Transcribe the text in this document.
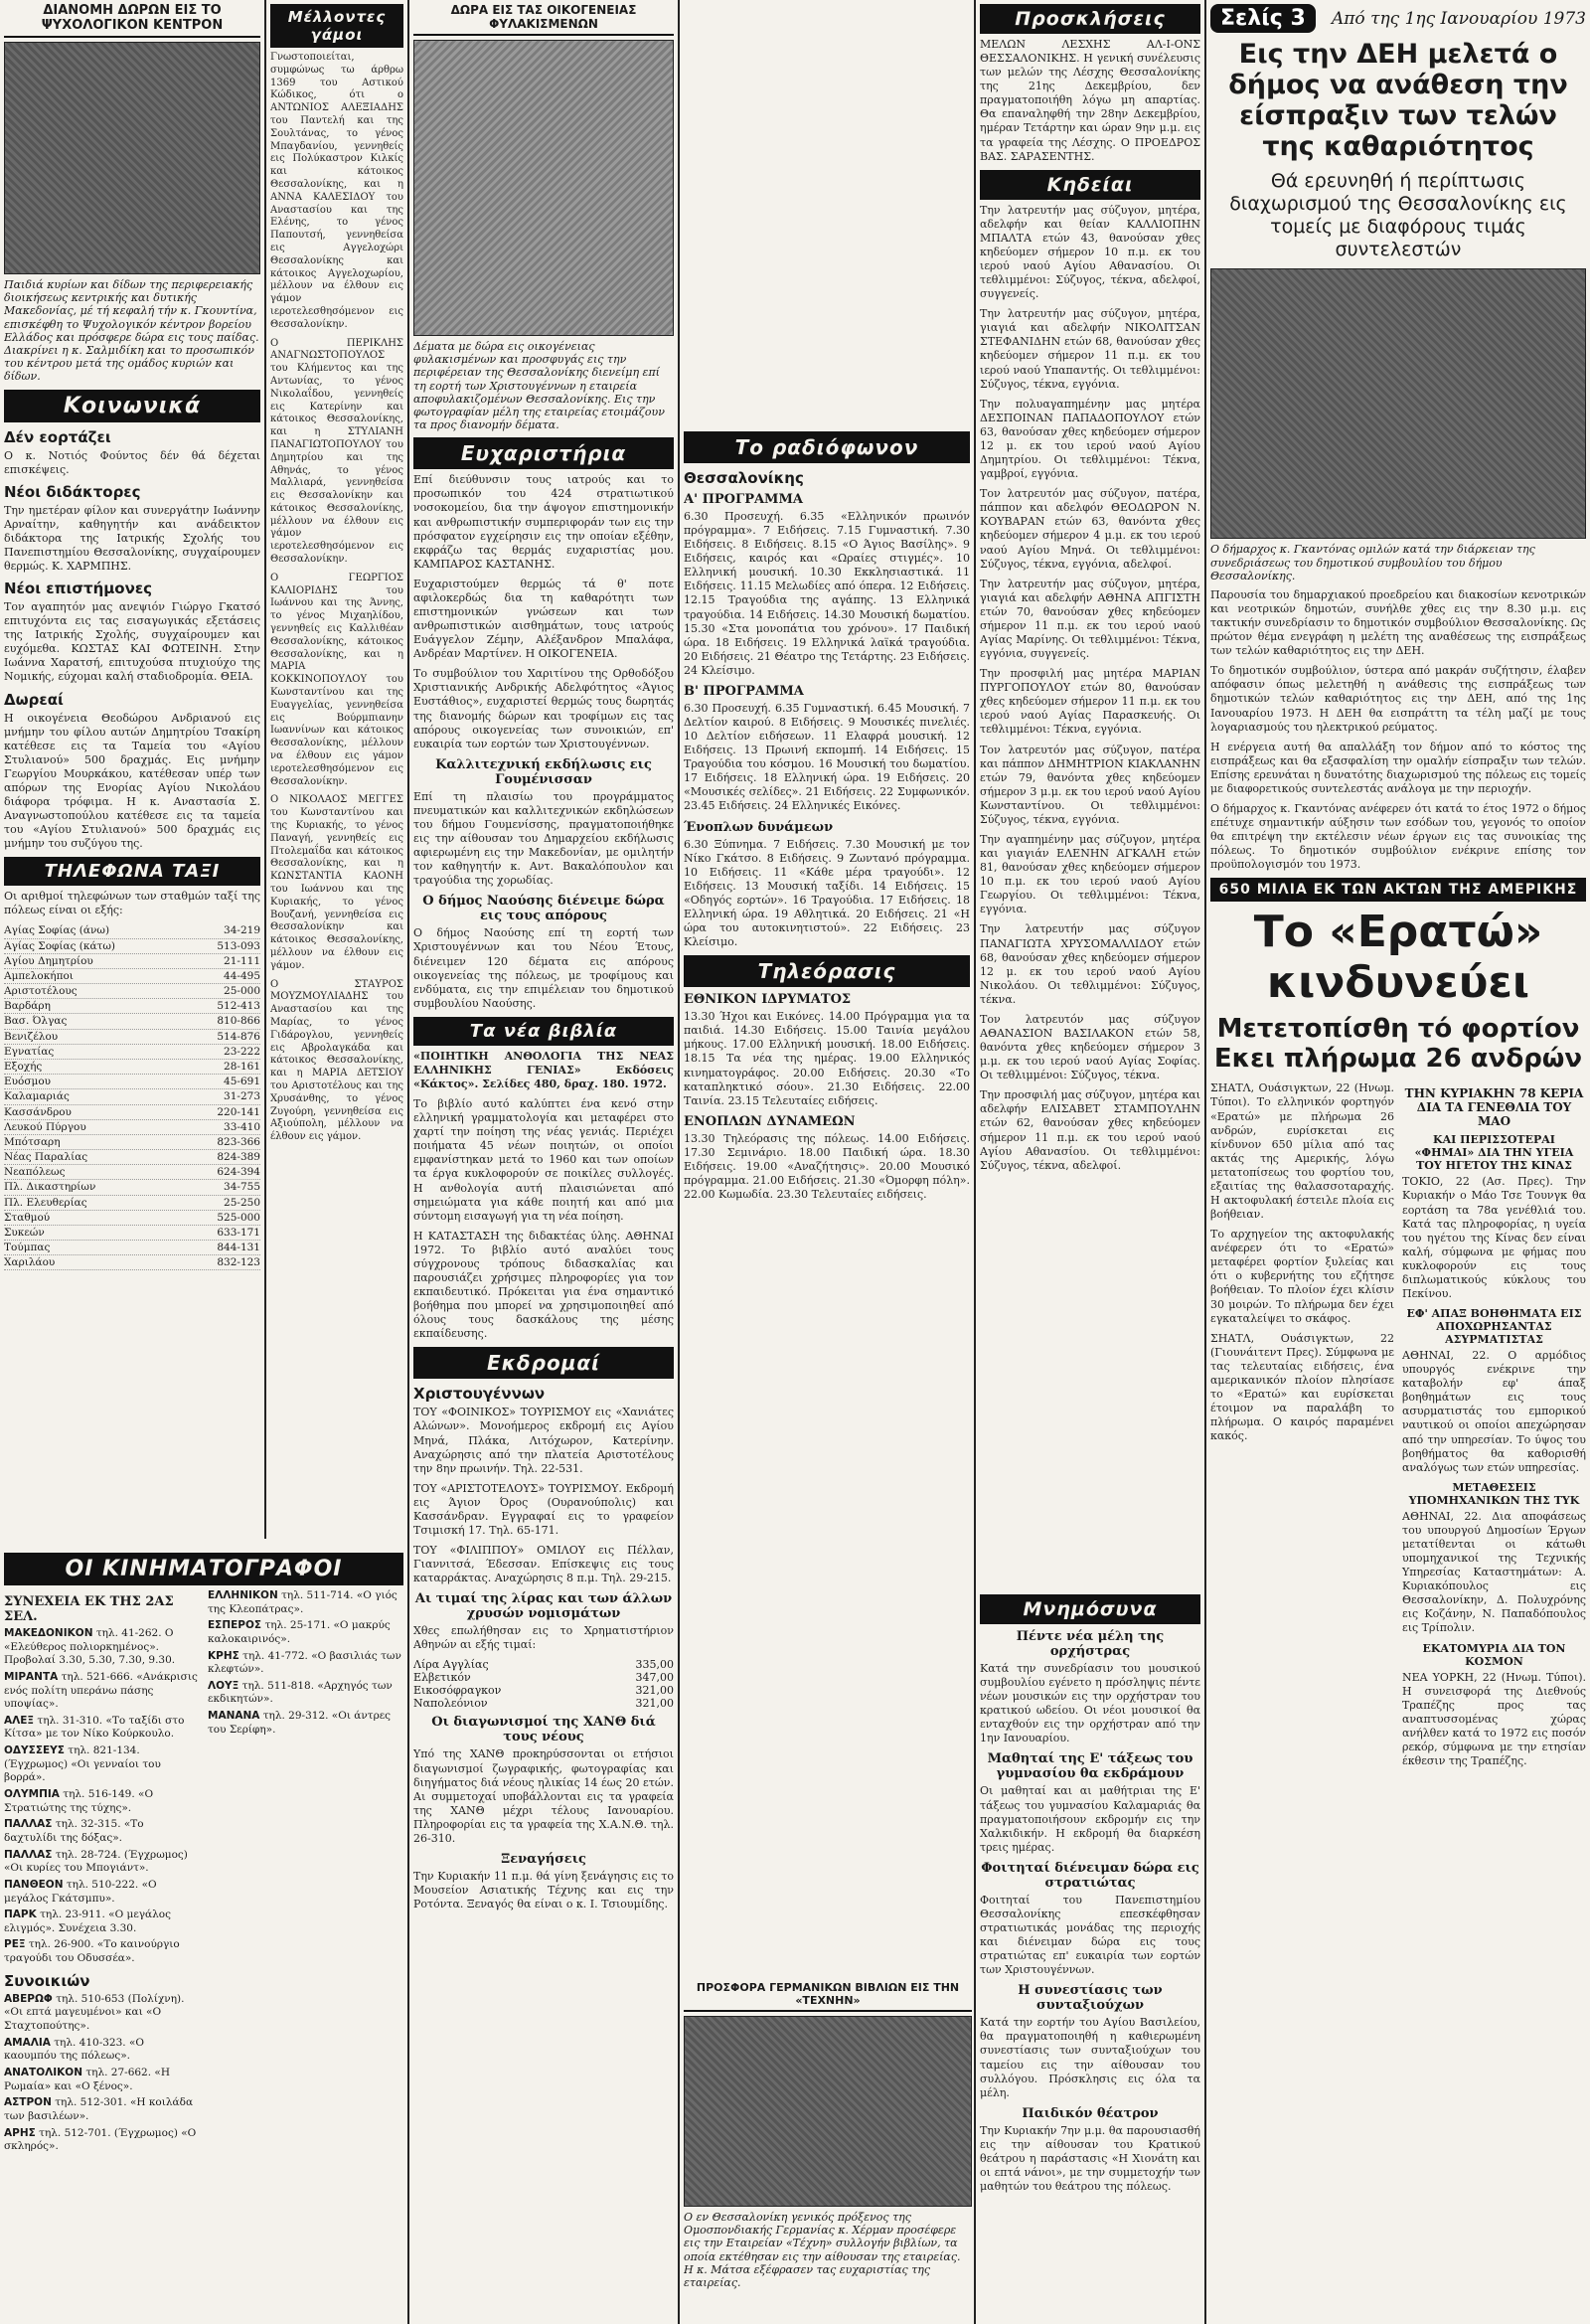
ΔΙΑΝΟΜΗ ΔΩΡΩΝ ΕΙΣ ΤΟ ΨΥΧΟΛΟΓΙΚΟΝ ΚΕΝΤΡΟΝ
Παιδιά κυρίων και δίδων της περιφερειακής διοικήσεως κεντρικής και δυτικής Μακεδονίας, μέ τή κεφαλή τήν κ. Γκουντίνα, επισκέφθη το Ψυχολογικόν κέντρον βορείου Ελλάδος και πρόσφερε δώρα εις τους παίδας. Διακρίνει η κ. Σαλμιδίκη και το προσωπικόν του κέντρου μετά της ομάδος κυριών και δίδων.
Κοινωνικά
Δέν εορτάζει

Ο κ. Νοτιός Φούντος δέν θά δέχεται επισκέψεις.

Νέοι διδάκτορες

Την ημετέραν φίλον και συνεργάτην Ιωάννην Αρναίτην, καθηγητήν και ανάδεικτον διδάκτορα της Ιατρικής Σχολής του Πανεπιστημίου Θεσσαλονίκης, συγχαίρουμεν θερμώς. Κ. ΧΑΡΜΠΗΣ.

Νέοι επιστήμονες

Τον αγαπητόν μας ανεψιόν Γιώργο Γκατσό επιτυχόντα εις τας εισαγωγικάς εξετάσεις της Ιατρικής Σχολής, συγχαίρουμεν και ευχόμεθα. ΚΩΣΤΑΣ ΚΑΙ ΦΩΤΕΙΝΗ. Στην Ιωάννα Χαρατσή, επιτυχούσα πτυχιούχο της Νομικής, εύχομαι καλή σταδιοδρομία. ΘΕΙΑ.

Δωρεαί

Η οικογένεια Θεοδώρου Ανδριανού εις μνήμην του φίλου αυτών Δημητρίου Τσακίρη κατέθεσε εις τα Ταμεία του «Αγίου Στυλιανού» 500 δραχμάς. Εις μνήμην Γεωργίου Μουρκάκου, κατέθεσαν υπέρ των απόρων της Ενορίας Αγίου Νικολάου διάφορα τρόφιμα. Η κ. Αναστασία Σ. Αναγνωστοπούλου κατέθεσε εις τα ταμεία του «Αγίου Στυλιανού» 500 δραχμάς εις μνήμην του συζύγου της.

ΤΗΛΕΦΩΝΑ ΤΑΞΙ

Οι αριθμοί τηλεφώνων των σταθμών ταξί της πόλεως είναι οι εξής:

Αγίας Σοφίας (άνω)	34-219
Αγίας Σοφίας (κάτω)	513-093
Αγίου Δημητρίου	21-111
Αμπελοκήποι	44-495
Αριστοτέλους	25-000
Βαρδάρη	512-413
Βασ. Όλγας	810-866
Βενιζέλου	514-876
Εγνατίας	23-222
Εξοχής	28-161
Ευόσμου	45-691
Καλαμαριάς	31-273
Κασσάνδρου	220-141
Λευκού Πύργου	33-410
Μπότσαρη	823-366
Νέας Παραλίας	824-389
Νεαπόλεως	624-394
Πλ. Δικαστηρίων	34-755
Πλ. Ελευθερίας	25-250
Σταθμού	525-000
Συκεών	633-171
Τούμπας	844-131
Χαριλάου	832-123
ΟΙ ΚΙΝΗΜΑΤΟΓΡΑΦΟΙ
ΣΥΝΕΧΕΙΑ ΕΚ ΤΗΣ 2ΑΣ ΣΕΛ.
ΜΑΚΕΔΟΝΙΚΟΝ τηλ. 41-262. Ο «Ελεύθερος πολιορκημένος». Προβολαί 3.30, 5.30, 7.30, 9.30.
ΜΙΡΑΝΤΑ τηλ. 521-666. «Ανάκρισις ενός πολίτη υπεράνω πάσης υποψίας».
ΑΛΕΞ τηλ. 31-310. «Το ταξίδι στο Κίτσα» με τον Νίκο Κούρκουλο.
ΟΔΥΣΣΕΥΣ τηλ. 821-134. (Έγχρωμος) «Οι γενναίοι του βορρά».
ΟΛΥΜΠΙΑ τηλ. 516-149. «Ο Στρατιώτης της τύχης».
ΠΑΛΛΑΣ τηλ. 32-315. «Το δαχτυλίδι της δόξας».
ΠΑΛΛΑΣ τηλ. 28-724. (Έγχρωμος) «Οι κυρίες του Μπογιάντ».
ΠΑΝΘΕΟΝ τηλ. 510-222. «Ο μεγάλος Γκάτσμπυ».
ΠΑΡΚ τηλ. 23-911. «Ο μεγάλος ελιγμός». Συνέχεια 3.30.
ΡΕΞ τηλ. 26-900. «Το καινούργιο τραγούδι του Οδυσσέα».
Συνοικιών
ΑΒΕΡΩΦ τηλ. 510-653 (Πολίχνη). «Οι επτά μαγευμένοι» και «Ο Σταχτοπούτης».
ΑΜΑΛΙΑ τηλ. 410-323. «Ο καουμπόυ της πόλεως».
ΑΝΑΤΟΛΙΚΟΝ τηλ. 27-662. «Η Ρωμαία» και «Ο ξένος».
ΑΣΤΡΟΝ τηλ. 512-301. «Η κοιλάδα των βασιλέων».
ΑΡΗΣ τηλ. 512-701. (Έγχρωμος) «Ο σκληρός».
ΕΛΛΗΝΙΚΟΝ τηλ. 511-714. «Ο γιός της Κλεοπάτρας».
ΕΣΠΕΡΟΣ τηλ. 25-171. «Ο μακρύς καλοκαιρινός».
ΚΡΗΣ τηλ. 41-772. «Ο βασιλιάς των κλεφτών».
ΛΟΥΞ τηλ. 511-818. «Αρχηγός των εκδικητών».
ΜΑΝΑΝΑ τηλ. 29-312. «Οι άντρες του Σερίφη».
Μέλλοντες γάμοι

Γνωστοποιείται, συμφώνως τω άρθρω 1369 του Αστικού Κώδικος, ότι ο ΑΝΤΩΝΙΟΣ ΑΛΕΞΙΑΔΗΣ του Παντελή και της Σουλτάνας, το γένος Μπαγδανίου, γεννηθείς εις Πολύκαστρον Κιλκίς και κάτοικος Θεσσαλονίκης, και η ΑΝΝΑ ΚΑΛΕΣΙΔΟΥ του Αναστασίου και της Ελένης, το γένος Παπουτσή, γεννηθείσα εις Αγγελοχώρι Θεσσαλονίκης και κάτοικος Αγγελοχωρίου, μέλλουν να έλθουν εις γάμον ιεροτελεσθησόμενον εις Θεσσαλονίκην.

Ο ΠΕΡΙΚΛΗΣ ΑΝΑΓΝΩΣΤΟΠΟΥΛΟΣ του Κλήμεντος και της Αντωνίας, το γένος Νικολαΐδου, γεννηθείς εις Κατερίνην και κάτοικος Θεσσαλονίκης, και η ΣΤΥΛΙΑΝΗ ΠΑΝΑΓΙΩΤΟΠΟΥΛΟΥ του Δημητρίου και της Αθηνάς, το γένος Μαλλιαρά, γεννηθείσα εις Θεσσαλονίκην και κάτοικος Θεσσαλονίκης, μέλλουν να έλθουν εις γάμον ιεροτελεσθησόμενον εις Θεσσαλονίκην.

Ο ΓΕΩΡΓΙΟΣ ΚΑΛΙΟΡΙΔΗΣ του Ιωάννου και της Άννης, το γένος Μιχαηλίδου, γεννηθείς εις Καλλιθέαν Θεσσαλονίκης, κάτοικος Θεσσαλονίκης, και η ΜΑΡΙΑ ΚΟΚΚΙΝΟΠΟΥΛΟΥ του Κωνσταντίνου και της Ευαγγελίας, γεννηθείσα εις Βούρμπιανην Ιωαννίνων και κάτοικος Θεσσαλονίκης, μέλλουν να έλθουν εις γάμον ιεροτελεσθησόμενον εις Θεσσαλονίκην.

Ο ΝΙΚΟΛΑΟΣ ΜΕΓΓΕΣ του Κωνσταντίνου και της Κυριακής, το γένος Παναγή, γεννηθείς εις Πτολεμαΐδα και κάτοικος Θεσσαλονίκης, και η ΚΩΝΣΤΑΝΤΙΑ ΚΑΟΝΗ του Ιωάννου και της Κυριακής, το γένος Βουζανή, γεννηθείσα εις Θεσσαλονίκην και κάτοικος Θεσσαλονίκης, μέλλουν να έλθουν εις γάμον.

Ο ΣΤΑΥΡΟΣ ΜΟΥΖΜΟΥΛΙΑΔΗΣ του Αναστασίου και της Μαρίας, το γένος Γιδάρογλου, γεννηθείς εις Αβρολαγκάδα και κάτοικος Θεσσαλονίκης, και η ΜΑΡΙΑ ΔΕΤΣΙΟΥ του Αριστοτέλους και της Χρυσάνθης, το γένος Ζυγούρη, γεννηθείσα εις Αξιούπολη, μέλλουν να έλθουν εις γάμον.

ΔΩΡΑ ΕΙΣ ΤΑΣ ΟΙΚΟΓΕΝΕΙΑΣ ΦΥΛΑΚΙΣΜΕΝΩΝ
Δέματα με δώρα εις οικογένειας φυλακισμένων και προσφυγάς εις την περιφέρειαν της Θεσσαλονίκης διενείμη επί τη εορτή των Χριστουγέννων η εταιρεία αποφυλακιζομένων Θεσσαλονίκης. Εις την φωτογραφίαν μέλη της εταιρείας ετοιμάζουν τα προς διανομήν δέματα.
Ευχαριστήρια

Επί διεύθυνσιν τους ιατρούς και το προσωπικόν του 424 στρατιωτικού νοσοκομείου, δια την άψογον επιστημονικήν και ανθρωπιστικήν συμπεριφοράν των εις την πρόσφατον εγχείρησιν εις την οποίαν εξέθην, εκφράζω τας θερμάς ευχαριστίας μου. ΚΑΜΠΑΡΟΣ ΚΑΣΤΑΝΗΣ.

Ευχαριστούμεν θερμώς τά θ' ποτε αφιλοκερδώς δια τη καθαρότητι των επιστημονικών γνώσεων και των ανθρωπιστικών αισθημάτων, τους ιατρούς Ευάγγελον Ζέμην, Αλέξανδρον Μπαλάφα, Ανδρέαν Μαρτίνεν. Η ΟΙΚΟΓΕΝΕΙΑ.

Το συμβούλιον του Χαριτίνου της Ορθοδόξου Χριστιανικής Ανδρικής Αδελφότητος «Άγιος Ευστάθιος», ευχαριστεί θερμώς τους δωρητάς της διανομής δώρων και τροφίμων εις τας απόρους οικογενείας των συνοικιών, επ' ευκαιρία των εορτών των Χριστουγέννων.

Καλλιτεχνική εκδήλωσις εις Γουμένισσαν

Επί τη πλαισίω του προγράμματος πνευματικών και καλλιτεχνικών εκδηλώσεων του δήμου Γουμενίσσης, πραγματοποιήθηκε εις την αίθουσαν του Δημαρχείου εκδήλωσις αφιερωμένη εις την Μακεδονίαν, με ομιλητήν τον καθηγητήν κ. Αντ. Βακαλόπουλον και τραγούδια της χορωδίας.

Ο δήμος Ναούσης διένειμε δώρα εις τους απόρους

Ο δήμος Ναούσης επί τη εορτή των Χριστουγέννων και του Νέου Έτους, διένειμεν 120 δέματα εις απόρους οικογενείας της πόλεως, με τροφίμους και ενδύματα, εις την επιμέλειαν του δημοτικού συμβουλίου Ναούσης.

Τα νέα βιβλία

«ΠΟΙΗΤΙΚΗ ΑΝΘΟΛΟΓΙΑ ΤΗΣ ΝΕΑΣ ΕΛΛΗΝΙΚΗΣ ΓΕΝΙΑΣ» Εκδόσεις «Κάκτος». Σελίδες 480, δραχ. 180. 1972.

Το βιβλίο αυτό καλύπτει ένα κενό στην ελληνική γραμματολογία και μεταφέρει στο χαρτί την ποίηση της νέας γενιάς. Περιέχει ποιήματα 45 νέων ποιητών, οι οποίοι εμφανίστηκαν μετά το 1960 και των οποίων τα έργα κυκλοφορούν σε ποικίλες συλλογές. Η ανθολογία αυτή πλαισιώνεται από σημειώματα για κάθε ποιητή και από μια σύντομη εισαγωγή για τη νέα ποίηση.

Η ΚΑΤΑΣΤΑΣΗ της διδακτέας ύλης. ΑΘΗΝΑΙ 1972. Το βιβλίο αυτό αναλύει τους σύγχρονους τρόπους διδασκαλίας και παρουσιάζει χρήσιμες πληροφορίες για τον εκπαιδευτικό. Πρόκειται για ένα σημαντικό βοήθημα που μπορεί να χρησιμοποιηθεί από όλους τους δασκάλους της μέσης εκπαίδευσης.

Εκδρομαί
Χριστουγέννων

ΤΟΥ «ΦΟΙΝΙΚΟΣ» ΤΟΥΡΙΣΜΟΥ εις «Χανιάτες Αλώνων». Μονοήμερος εκδρομή εις Αγίου Μηνά, Πλάκα, Λιτόχωρον, Κατερίνην. Αναχώρησις από την πλατεία Αριστοτέλους την 8ην πρωινήν. Τηλ. 22-531.

ΤΟΥ «ΑΡΙΣΤΟΤΕΛΟΥΣ» ΤΟΥΡΙΣΜΟΥ. Εκδρομή εις Άγιον Όρος (Ουρανούπολις) και Κασσάνδραν. Εγγραφαί εις το γραφείον Τσιμισκή 17. Τηλ. 65-171.

ΤΟΥ «ΦΙΛΙΠΠΟΥ» ΟΜΙΛΟΥ εις Πέλλαν, Γιαννιτσά, Έδεσσαν. Επίσκεψις εις τους καταρράκτας. Αναχώρησις 8 π.μ. Τηλ. 29-215.

Αι τιμαί της λίρας και των άλλων χρυσών νομισμάτων

Χθες επωλήθησαν εις το Χρηματιστήριον Αθηνών αι εξής τιμαί:

Λίρα Αγγλίας	335,00
Ελβετικόν	347,00
Εικοσόφραγκον	321,00
Ναπολεόνιον	321,00
Οι διαγωνισμοί της ΧΑΝΘ διά τους νέους

Υπό της ΧΑΝΘ προκηρύσσονται οι ετήσιοι διαγωνισμοί ζωγραφικής, φωτογραφίας και διηγήματος διά νέους ηλικίας 14 έως 20 ετών. Αι συμμετοχαί υποβάλλονται εις τα γραφεία της ΧΑΝΘ μέχρι τέλους Ιανουαρίου. Πληροφορίαι εις τα γραφεία της Χ.Α.Ν.Θ. τηλ. 26-310.

Ξεναγήσεις

Την Κυριακήν 11 π.μ. θά γίνη ξενάγησις εις το Μουσείον Ασιατικής Τέχνης και εις την Ροτόντα. Ξεναγός θα είναι ο κ. Ι. Τσιουμίδης.

Το ραδιόφωνον
Θεσσαλονίκης
Α' ΠΡΟΓΡΑΜΜΑ

6.30 Προσευχή. 6.35 «Ελληνικόν πρωινόν πρόγραμμα». 7 Ειδήσεις. 7.15 Γυμναστική. 7.30 Ειδήσεις. 8 Ειδήσεις. 8.15 «Ο Άγιος Βασίλης». 9 Ειδήσεις, καιρός και «Ωραίες στιγμές». 10 Ελληνική μουσική. 10.30 Εκκλησιαστικά. 11 Ειδήσεις. 11.15 Μελωδίες από όπερα. 12 Ειδήσεις. 12.15 Τραγούδια της αγάπης. 13 Ελληνικά τραγούδια. 14 Ειδήσεις. 14.30 Μουσική δωματίου. 15.30 «Στα μονοπάτια του χρόνου». 17 Παιδική ώρα. 18 Ειδήσεις. 19 Ελληνικά λαϊκά τραγούδια. 20 Ειδήσεις. 21 Θέατρο της Τετάρτης. 23 Ειδήσεις. 24 Κλείσιμο.

Β' ΠΡΟΓΡΑΜΜΑ

6.30 Προσευχή. 6.35 Γυμναστική. 6.45 Μουσική. 7 Δελτίον καιρού. 8 Ειδήσεις. 9 Μουσικές πινελιές. 10 Δελτίον ειδήσεων. 11 Ελαφρά μουσική. 12 Ειδήσεις. 13 Πρωινή εκπομπή. 14 Ειδήσεις. 15 Τραγούδια του κόσμου. 16 Μουσική του δωματίου. 17 Ειδήσεις. 18 Ελληνική ώρα. 19 Ειδήσεις. 20 «Μουσικές σελίδες». 21 Ειδήσεις. 22 Συμφωνικόν. 23.45 Ειδήσεις. 24 Ελληνικές Εικόνες.

Ένοπλων δυνάμεων

6.30 Ξύπνημα. 7 Ειδήσεις. 7.30 Μουσική με τον Νίκο Γκάτσο. 8 Ειδήσεις. 9 Ζωντανό πρόγραμμα. 10 Ειδήσεις. 11 «Κάθε μέρα τραγούδι». 12 Ειδήσεις. 13 Μουσική ταξίδι. 14 Ειδήσεις. 15 «Οδηγός εορτών». 16 Τραγούδια. 17 Ειδήσεις. 18 Ελληνική ώρα. 19 Αθλητικά. 20 Ειδήσεις. 21 «Η ώρα του αυτοκινητιστού». 22 Ειδήσεις. 23 Κλείσιμο.

Τηλεόρασις
ΕΘΝΙΚΟΝ ΙΔΡΥΜΑΤΟΣ

13.30 Ήχοι και Εικόνες. 14.00 Πρόγραμμα για τα παιδιά. 14.30 Ειδήσεις. 15.00 Ταινία μεγάλου μήκους. 17.00 Ελληνική μουσική. 18.00 Ειδήσεις. 18.15 Τα νέα της ημέρας. 19.00 Ελληνικός κινηματογράφος. 20.00 Ειδήσεις. 20.30 «Το καταπληκτικό σόου». 21.30 Ειδήσεις. 22.00 Ταινία. 23.15 Τελευταίες ειδήσεις.

ΕΝΟΠΛΩΝ ΔΥΝΑΜΕΩΝ

13.30 Τηλεόρασις της πόλεως. 14.00 Ειδήσεις. 17.30 Σεμινάριο. 18.00 Παιδική ώρα. 18.30 Ειδήσεις. 19.00 «Αναζήτησις». 20.00 Μουσικό πρόγραμμα. 21.00 Ειδήσεις. 21.30 «Όμορφη πόλη». 22.00 Κωμωδία. 23.30 Τελευταίες ειδήσεις.

ΠΡΟΣΦΟΡΑ ΓΕΡΜΑΝΙΚΩΝ ΒΙΒΛΙΩΝ ΕΙΣ ΤΗΝ «ΤΕΧΝΗΝ»
Ο εν Θεσσαλονίκη γενικός πρόξενος της Ομοσπονδιακής Γερμανίας κ. Χέρμαν προσέφερε εις την Εταιρείαν «Τέχνη» συλλογήν βιβλίων, τα οποία εκτέθησαν εις την αίθουσαν της εταιρείας. Η κ. Μάτσα εξέφρασεν τας ευχαριστίας της εταιρείας.
Προσκλήσεις

ΜΕΛΩΝ ΛΕΣΧΗΣ ΑΛ-Ι-ΟΝΣ ΘΕΣΣΑΛΟΝΙΚΗΣ. Η γενική συνέλευσις των μελών της Λέσχης Θεσσαλονίκης της 21ης Δεκεμβρίου, δεν πραγματοποιήθη λόγω μη απαρτίας. Θα επαναληφθή την 28ην Δεκεμβρίου, ημέραν Τετάρτην και ώραν 9ην μ.μ. εις τα γραφεία της Λέσχης. Ο ΠΡΟΕΔΡΟΣ ΒΑΣ. ΣΑΡΑΣΕΝΤΗΣ.

Κηδείαι

Την λατρευτήν μας σύζυγον, μητέρα, αδελφήν και θείαν ΚΑΛΛΙΟΠΗΝ ΜΠΑΛΤΑ ετών 43, θανούσαν χθες κηδεύομεν σήμερον 10 π.μ. εκ του ιερού ναού Αγίου Αθανασίου. Οι τεθλιμμένοι: Σύζυγος, τέκνα, αδελφοί, συγγενείς.

Την λατρευτήν μας σύζυγον, μητέρα, γιαγιά και αδελφήν ΝΙΚΟΛΙΤΣΑΝ ΣΤΕΦΑΝΙΔΗΝ ετών 68, θανούσαν χθες κηδεύομεν σήμερον 11 π.μ. εκ του ιερού ναού Υπαπαντής. Οι τεθλιμμένοι: Σύζυγος, τέκνα, εγγόνια.

Την πολυαγαπημένην μας μητέρα ΔΕΣΠΟΙΝΑΝ ΠΑΠΑΔΟΠΟΥΛΟΥ ετών 63, θανούσαν χθες κηδεύομεν σήμερον 12 μ. εκ του ιερού ναού Αγίου Δημητρίου. Οι τεθλιμμένοι: Τέκνα, γαμβροί, εγγόνια.

Τον λατρευτόν μας σύζυγον, πατέρα, πάππον και αδελφόν ΘΕΟΔΩΡΟΝ Ν. ΚΟΥΒΑΡΑΝ ετών 63, θανόντα χθες κηδεύομεν σήμερον 4 μ.μ. εκ του ιερού ναού Αγίου Μηνά. Οι τεθλιμμένοι: Σύζυγος, τέκνα, εγγόνια, αδελφοί.

Την λατρευτήν μας σύζυγον, μητέρα, γιαγιά και αδελφήν ΑΘΗΝΑ ΑΠΓΙΣΤΗ ετών 70, θανούσαν χθες κηδεύομεν σήμερον 11 π.μ. εκ του ιερού ναού Αγίας Μαρίνης. Οι τεθλιμμένοι: Τέκνα, εγγόνια, συγγενείς.

Την προσφιλή μας μητέρα ΜΑΡΙΑΝ ΠΥΡΓΟΠΟΥΛΟΥ ετών 80, θανούσαν χθες κηδεύομεν σήμερον 11 π.μ. εκ του ιερού ναού Αγίας Παρασκευής. Οι τεθλιμμένοι: Τέκνα, εγγόνια.

Τον λατρευτόν μας σύζυγον, πατέρα και πάππον ΔΗΜΗΤΡΙΟΝ ΚΙΑΚΛΑΝΗΝ ετών 79, θανόντα χθες κηδεύομεν σήμερον 3 μ.μ. εκ του ιερού ναού Αγίου Κωνσταντίνου. Οι τεθλιμμένοι: Σύζυγος, τέκνα, εγγόνια.

Την αγαπημένην μας σύζυγον, μητέρα και γιαγιάν ΕΛΕΝΗΝ ΑΓΚΑΛΗ ετών 81, θανούσαν χθες κηδεύομεν σήμερον 10 π.μ. εκ του ιερού ναού Αγίου Γεωργίου. Οι τεθλιμμένοι: Τέκνα, εγγόνια.

Την λατρευτήν μας σύζυγον ΠΑΝΑΓΙΩΤΑ ΧΡΥΣΟΜΑΛΛΙΔΟΥ ετών 68, θανούσαν χθες κηδεύομεν σήμερον 12 μ. εκ του ιερού ναού Αγίου Νικολάου. Οι τεθλιμμένοι: Σύζυγος, τέκνα.

Τον λατρευτόν μας σύζυγον ΑΘΑΝΑΣΙΟΝ ΒΑΣΙΛΑΚΟΝ ετών 58, θανόντα χθες κηδεύομεν σήμερον 3 μ.μ. εκ του ιερού ναού Αγίας Σοφίας. Οι τεθλιμμένοι: Σύζυγος, τέκνα.

Την προσφιλή μας σύζυγον, μητέρα και αδελφήν ΕΛΙΣΑΒΕΤ ΣΤΑΜΠΟΥΛΗΝ ετών 62, θανούσαν χθες κηδεύομεν σήμερον 11 π.μ. εκ του ιερού ναού Αγίου Αθανασίου. Οι τεθλιμμένοι: Σύζυγος, τέκνα, αδελφοί.

Μνημόσυνα
Πέντε νέα μέλη της ορχήστρας

Κατά την συνεδρίασιν του μουσικού συμβουλίου εγένετο η πρόσληψις πέντε νέων μουσικών εις την ορχήστραν του κρατικού ωδείου. Οι νέοι μουσικοί θα ενταχθούν εις την ορχήστραν από την 1ην Ιανουαρίου.

Μαθηταί της Ε' τάξεως του γυμνασίου θα εκδράμουν

Οι μαθηταί και αι μαθήτριαι της Ε' τάξεως του γυμνασίου Καλαμαριάς θα πραγματοποιήσουν εκδρομήν εις την Χαλκιδικήν. Η εκδρομή θα διαρκέση τρεις ημέρας.

Φοιτηταί διένειμαν δώρα εις στρατιώτας

Φοιτηταί του Πανεπιστημίου Θεσσαλονίκης επεσκέφθησαν στρατιωτικάς μονάδας της περιοχής και διένειμαν δώρα εις τους στρατιώτας επ' ευκαιρία των εορτών των Χριστουγέννων.

Η συνεστίασις των συνταξιούχων

Κατά την εορτήν του Αγίου Βασιλείου, θα πραγματοποιηθή η καθιερωμένη συνεστίασις των συνταξιούχων του ταμείου εις την αίθουσαν του συλλόγου. Πρόσκλησις εις όλα τα μέλη.

Παιδικόν θέατρον

Την Κυριακήν 7ην μ.μ. θα παρουσιασθή εις την αίθουσαν του Κρατικού θεάτρου η παράστασις «Η Χιονάτη και οι επτά νάνοι», με την συμμετοχήν των μαθητών του θεάτρου της πόλεως.

Σελίς 3	Από της 1ης Ιανουαρίου 1973
Εις την ΔΕΗ μελετά ο δήμος να ανάθεση την είσπραξιν των τελών της καθαριότητος
Θά ερευνηθή ή περίπτωσις διαχωρισμού της Θεσσαλονίκης εις τομείς με διαφόρους τιμάς συντελεστών
Ο δήμαρχος κ. Γκαντόνας ομιλών κατά την διάρκειαν της συνεδριάσεως του δημοτικού συμβουλίου του δήμου Θεσσαλονίκης.

Παρουσία του δημαρχιακού προεδρείου και διακοσίων κενοτρικών και νεοτρικών δημοτών, συνήλθε χθες εις την 8.30 μ.μ. εις τακτικήν συνεδρίασιν το δημοτικόν συμβούλιον Θεσσαλονίκης. Ως πρώτον θέμα ενεγράφη η μελέτη της αναθέσεως της εισπράξεως των τελών καθαριότητος εις την ΔΕΗ.

Το δημοτικόν συμβούλιον, ύστερα από μακράν συζήτησιν, έλαβεν απόφασιν όπως μελετηθή η ανάθεσις της εισπράξεως των δημοτικών τελών καθαριότητος εις την ΔΕΗ, από της 1ης Ιανουαρίου 1973. Η ΔΕΗ θα εισπράττη τα τέλη μαζί με τους λογαριασμούς του ηλεκτρικού ρεύματος.

Η ενέργεια αυτή θα απαλλάξη τον δήμον από το κόστος της εισπράξεως και θα εξασφαλίση την ομαλήν είσπραξιν των τελών. Επίσης ερευνάται η δυνατότης διαχωρισμού της πόλεως εις τομείς με διαφορετικούς συντελεστάς ανάλογα με την περιοχήν.

Ο δήμαρχος κ. Γκαντόνας ανέφερεν ότι κατά το έτος 1972 ο δήμος επέτυχε σημαντικήν αύξησιν των εσόδων του, γεγονός το οποίον θα επιτρέψη την εκτέλεσιν νέων έργων εις τας συνοικίας της πόλεως. Το δημοτικόν συμβούλιον ενέκρινε επίσης τον προϋπολογισμόν του 1973.

650 ΜΙΛΙΑ ΕΚ ΤΩΝ ΑΚΤΩΝ ΤΗΣ ΑΜΕΡΙΚΗΣ
Το «Ερατώ» κινδυνεύει
Μετετοπίσθη τό φορτίον Εκει πλήρωμα 26 ανδρών

ΣΗΑΤΛ, Ουάσιγκτων, 22 (Ηνωμ. Τύποι). Το ελληνικόν φορτηγόν «Ερατώ» με πλήρωμα 26 ανδρών, ευρίσκεται εις κίνδυνον 650 μίλια από τας ακτάς της Αμερικής, λόγω μετατοπίσεως του φορτίου του, εξαιτίας της θαλασσοταραχής. Η ακτοφυλακή έστειλε πλοία εις βοήθειαν.

Το αρχηγείον της ακτοφυλακής ανέφερεν ότι το «Ερατώ» μεταφέρει φορτίον ξυλείας και ότι ο κυβερνήτης του εζήτησε βοήθειαν. Το πλοίον έχει κλίσιν 30 μοιρών. Το πλήρωμα δεν έχει εγκαταλείψει το σκάφος.

ΣΗΑΤΛ, Ουάσιγκτων, 22 (Γιουνάιτεντ Πρες). Σύμφωνα με τας τελευταίας ειδήσεις, ένα αμερικανικόν πλοίον πλησίασε το «Ερατώ» και ευρίσκεται έτοιμον να παραλάβη το πλήρωμα. Ο καιρός παραμένει κακός.

ΤΗΝ ΚΥΡΙΑΚΗΝ 78 ΚΕΡΙΑ ΔΙΑ ΤΑ ΓΕΝΕΘΛΙΑ ΤΟΥ ΜΑΟ
ΚΑΙ ΠΕΡΙΣΣΟΤΕΡΑΙ «ΦΗΜΑΙ» ΔΙΑ ΤΗΝ ΥΓΕΙΑ ΤΟΥ ΗΓΕΤΟΥ ΤΗΣ ΚΙΝΑΣ

ΤΟΚΙΟ, 22 (Ασ. Πρες). Την Κυριακήν ο Μάο Τσε Τουνγκ θα εορτάση τα 78α γενέθλιά του. Κατά τας πληροφορίας, η υγεία του ηγέτου της Κίνας δεν είναι καλή, σύμφωνα με φήμας που κυκλοφορούν εις τους διπλωματικούς κύκλους του Πεκίνου.

ΕΦ' ΑΠΑΞ ΒΟΗΘΗΜΑΤΑ ΕΙΣ ΑΠΟΧΩΡΗΣΑΝΤΑΣ ΑΣΥΡΜΑΤΙΣΤΑΣ

ΑΘΗΝΑΙ, 22. Ο αρμόδιος υπουργός ενέκρινε την καταβολήν εφ' άπαξ βοηθημάτων εις τους ασυρματιστάς του εμπορικού ναυτικού οι οποίοι απεχώρησαν από την υπηρεσίαν. Το ύψος του βοηθήματος θα καθορισθή αναλόγως των ετών υπηρεσίας.

ΜΕΤΑΘΕΣΕΙΣ ΥΠΟΜΗΧΑΝΙΚΩΝ ΤΗΣ ΤΥΚ

ΑΘΗΝΑΙ, 22. Δια αποφάσεως του υπουργού Δημοσίων Έργων μετατίθενται οι κάτωθι υπομηχανικοί της Τεχνικής Υπηρεσίας Καταστημάτων: Α. Κυριακόπουλος εις Θεσσαλονίκην, Δ. Πολυχρόνης εις Κοζάνην, Ν. Παπαδόπουλος εις Τρίπολιν.

ΕΚΑΤΟΜΥΡΙΑ ΔΙΑ ΤΟΝ ΚΟΣΜΟΝ

ΝΕΑ ΥΟΡΚΗ, 22 (Ηνωμ. Τύποι). Η συνεισφορά της Διεθνούς Τραπέζης προς τας αναπτυσσομένας χώρας ανήλθεν κατά το 1972 εις ποσόν ρεκόρ, σύμφωνα με την ετησίαν έκθεσιν της Τραπέζης.
